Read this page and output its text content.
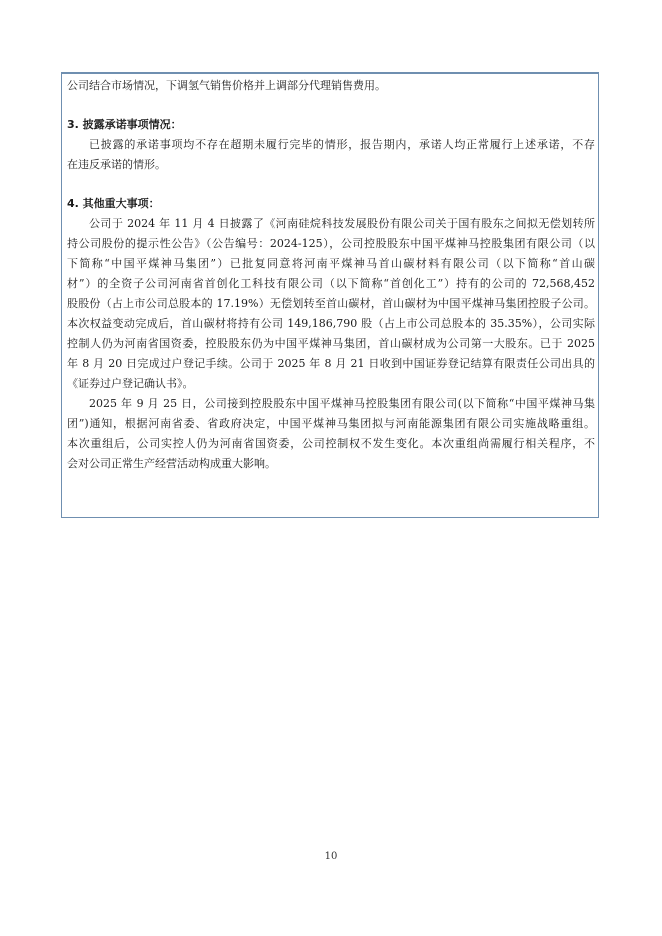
公司结合市场情况，下调氢气销售价格并上调部分代理销售费用。
3. 披露承诺事项情况：
已披露的承诺事项均不存在超期未履行完毕的情形，报告期内，承诺人均正常履行上述承诺，不存
在违反承诺的情形。
4. 其他重大事项：
公司于 2024 年 11 月 4 日披露了《河南硅烷科技发展股份有限公司关于国有股东之间拟无偿划转所
持公司股份的提示性公告》（公告编号：2024-125），公司控股股东中国平煤神马控股集团有限公司（以
下简称“中国平煤神马集团”）已批复同意将河南平煤神马首山碳材料有限公司（以下简称“首山碳
材”）的全资子公司河南省首创化工科技有限公司（以下简称“首创化工”）持有的公司的 72,568,452
股股份（占上市公司总股本的 17.19%）无偿划转至首山碳材，首山碳材为中国平煤神马集团控股子公司。
本次权益变动完成后，首山碳材将持有公司 149,186,790 股（占上市公司总股本的 35.35%），公司实际
控制人仍为河南省国资委，控股股东仍为中国平煤神马集团，首山碳材成为公司第一大股东。已于 2025
年 8 月 20 日完成过户登记手续。公司于 2025 年 8 月 21 日收到中国证券登记结算有限责任公司出具的
《证券过户登记确认书》。
2025 年 9 月 25 日，公司接到控股股东中国平煤神马控股集团有限公司(以下简称“中国平煤神马集
团”)通知，根据河南省委、省政府决定，中国平煤神马集团拟与河南能源集团有限公司实施战略重组。
本次重组后，公司实控人仍为河南省国资委，公司控制权不发生变化。本次重组尚需履行相关程序，不
会对公司正常生产经营活动构成重大影响。
10
